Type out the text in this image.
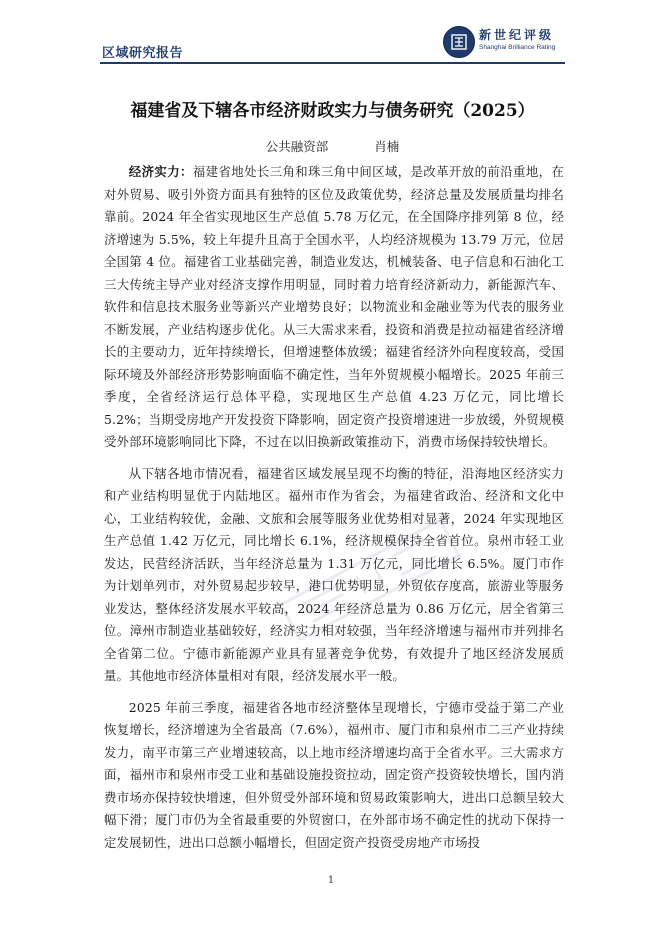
区域研究报告
新世纪评级
Shanghai Brilliance Rating
福建省及下辖各市经济财政实力与债务研究（2025）
公共融资部	肖楠

经济实力：福建省地处长三角和珠三角中间区域，是改革开放的前沿重地，在对外贸易、吸引外资方面具有独特的区位及政策优势，经济总量及发展质量均排名靠前。2024 年全省实现地区生产总值 5.78 万亿元，在全国降序排列第 8 位，经济增速为 5.5%，较上年提升且高于全国水平，人均经济规模为 13.79 万元，位居全国第 4 位。福建省工业基础完善，制造业发达，机械装备、电子信息和石油化工三大传统主导产业对经济支撑作用明显，同时着力培育经济新动力，新能源汽车、软件和信息技术服务业等新兴产业增势良好；以物流业和金融业等为代表的服务业不断发展，产业结构逐步优化。从三大需求来看，投资和消费是拉动福建省经济增长的主要动力，近年持续增长，但增速整体放缓；福建省经济外向程度较高，受国际环境及外部经济形势影响面临不确定性，当年外贸规模小幅增长。2025 年前三季度，全省经济运行总体平稳，实现地区生产总值 4.23 万亿元，同比增长 5.2%；当期受房地产开发投资下降影响，固定资产投资增速进一步放缓，外贸规模受外部环境影响同比下降，不过在以旧换新政策推动下，消费市场保持较快增长。

从下辖各地市情况看，福建省区域发展呈现不均衡的特征，沿海地区经济实力和产业结构明显优于内陆地区。福州市作为省会，为福建省政治、经济和文化中心，工业结构较优，金融、文旅和会展等服务业优势相对显著，2024 年实现地区生产总值 1.42 万亿元，同比增长 6.1%，经济规模保持全省首位。泉州市轻工业发达，民营经济活跃，当年经济总量为 1.31 万亿元，同比增长 6.5%。厦门市作为计划单列市，对外贸易起步较早，港口优势明显，外贸依存度高，旅游业等服务业发达，整体经济发展水平较高，2024 年经济总量为 0.86 万亿元，居全省第三位。漳州市制造业基础较好，经济实力相对较强，当年经济增速与福州市并列排名全省第二位。宁德市新能源产业具有显著竞争优势，有效提升了地区经济发展质量。其他地市经济体量相对有限，经济发展水平一般。

2025 年前三季度，福建省各地市经济整体呈现增长，宁德市受益于第二产业恢复增长，经济增速为全省最高（7.6%），福州市、厦门市和泉州市二三产业持续发力，南平市第三产业增速较高，以上地市经济增速均高于全省水平。三大需求方面，福州市和泉州市受工业和基础设施投资拉动，固定资产投资较快增长，国内消费市场亦保持较快增速，但外贸受外部环境和贸易政策影响大，进出口总额呈较大幅下滑；厦门市仍为全省最重要的外贸窗口，在外部市场不确定性的扰动下保持一定发展韧性，进出口总额小幅增长，但固定资产投资受房地产市场投

1
